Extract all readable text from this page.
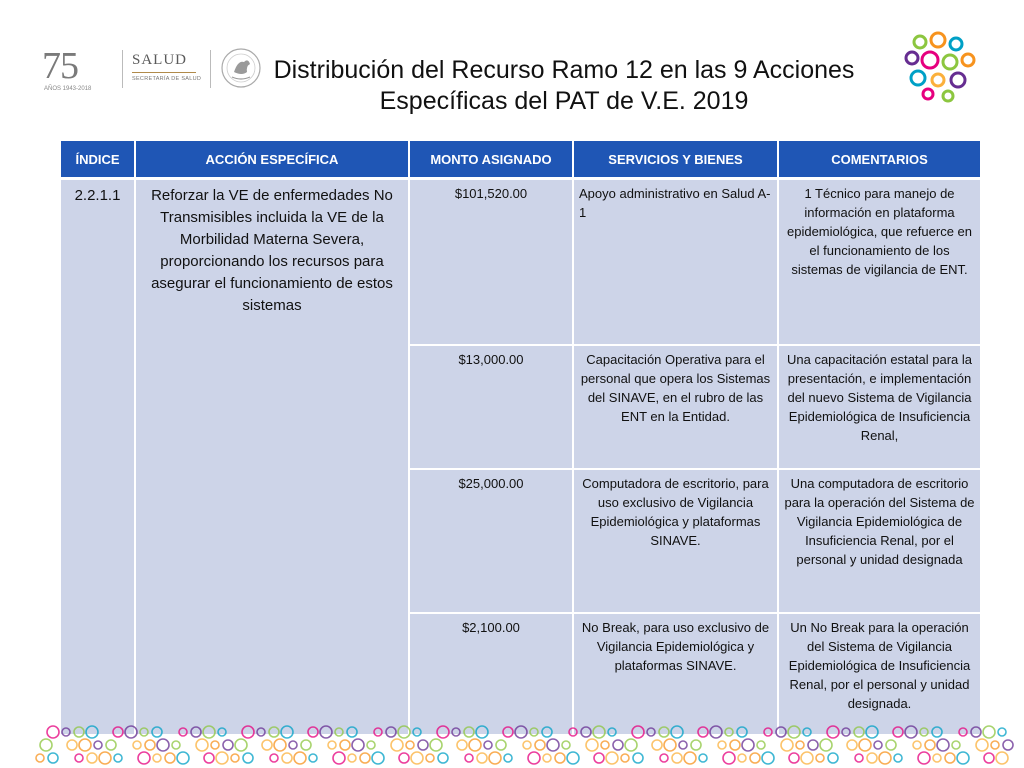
75
AÑOS 1943-2018
SALUD
SECRETARÍA DE SALUD	Distribución del Recurso Ramo 12 en las 9 Acciones
Específicas del PAT de V.E. 2019
ÍNDICE	ACCIÓN ESPECÍFICA	MONTO ASIGNADO	SERVICIOS Y BIENES	COMENTARIOS
2.2.1.1	Reforzar la VE de enfermedades No Transmisibles incluida la VE de la Morbilidad Materna Severa, proporcionando los recursos para asegurar el funcionamiento de estos sistemas	$101,520.00	Apoyo administrativo en Salud A-1	1 Técnico para manejo de información en plataforma epidemiológica, que refuerce en el funcionamiento de los sistemas de vigilancia de ENT.
		$13,000.00	Capacitación Operativa para el personal que opera los Sistemas del SINAVE, en el rubro de las ENT en la Entidad.	Una capacitación estatal para la presentación, e implementación del nuevo Sistema de Vigilancia Epidemiológica de Insuficiencia Renal,
		$25,000.00	Computadora de escritorio, para uso exclusivo de Vigilancia Epidemiológica y plataformas SINAVE.	Una computadora de escritorio para la operación del Sistema de Vigilancia Epidemiológica de Insuficiencia Renal, por el personal y unidad designada
		$2,100.00	No Break, para uso exclusivo de Vigilancia Epidemiológica y plataformas SINAVE.	Un No Break para la operación del Sistema de Vigilancia Epidemiológica de Insuficiencia Renal, por el personal y unidad designada.
